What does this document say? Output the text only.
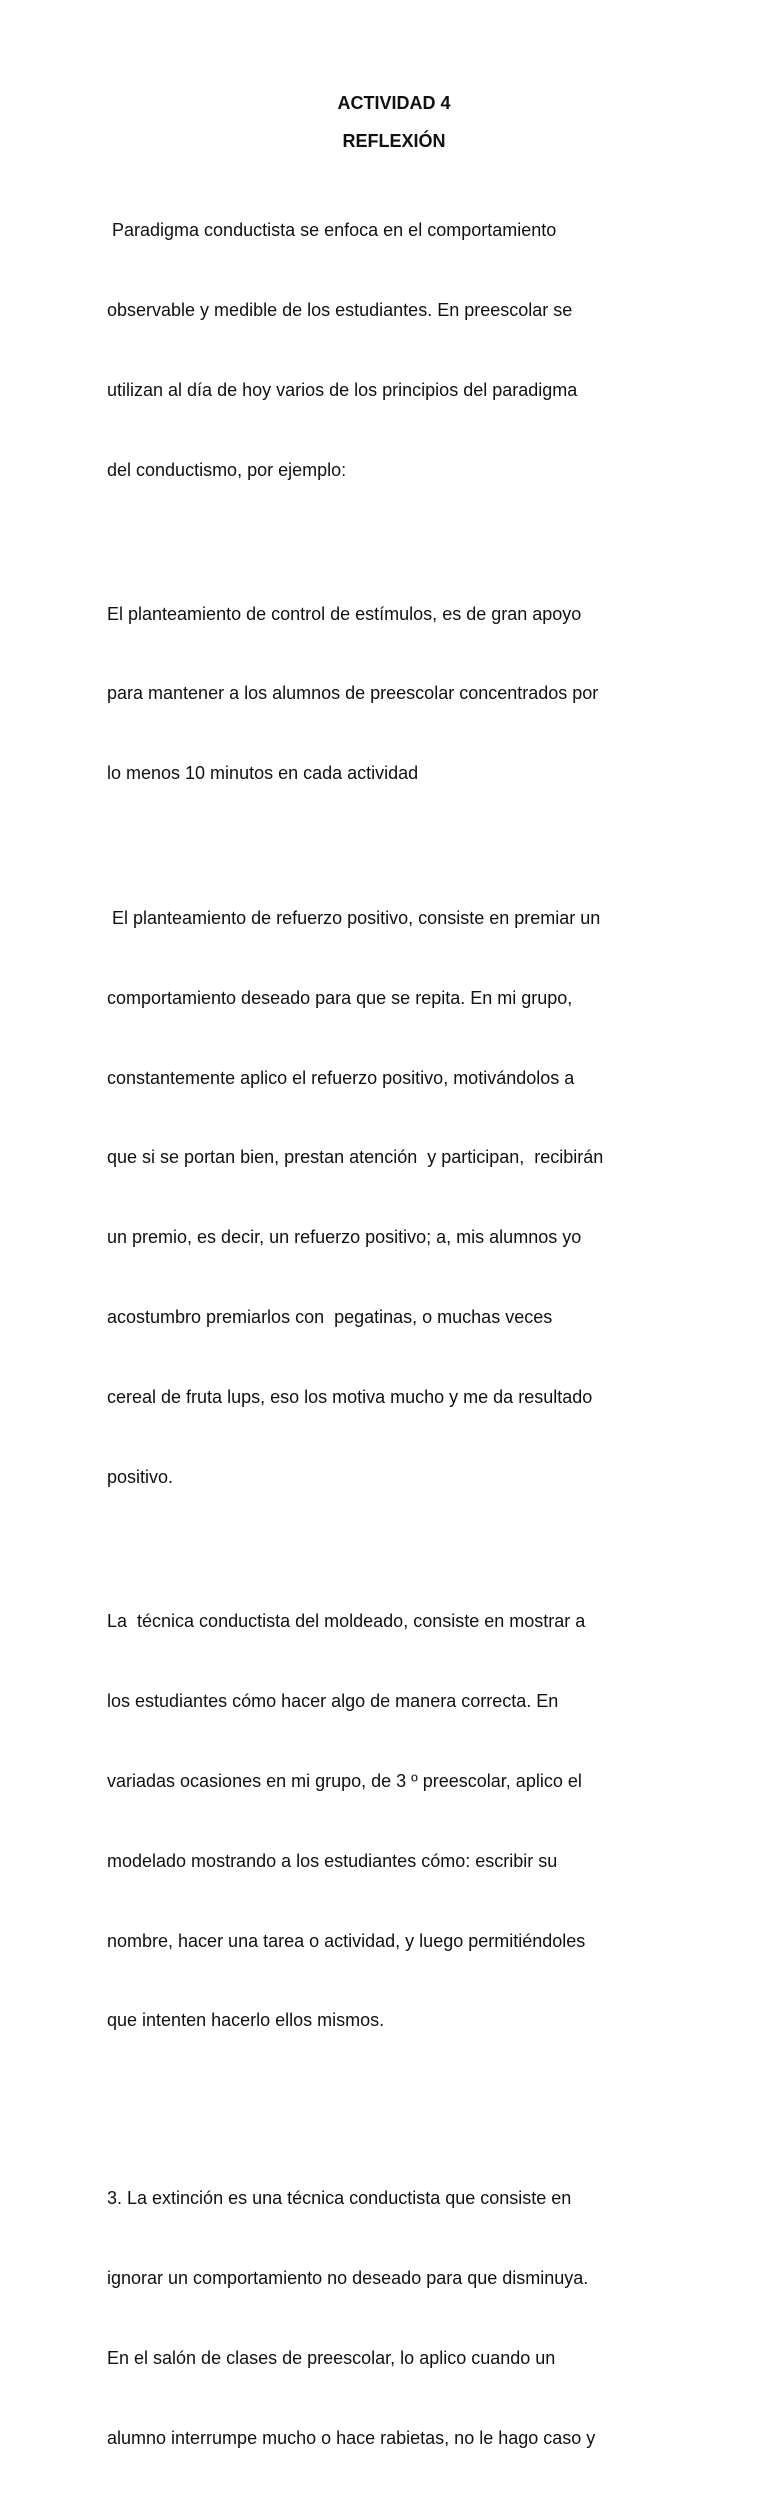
ACTIVIDAD 4
REFLEXIÓN

Paradigma conductista se enfoca en el comportamiento

observable y medible de los estudiantes. En preescolar se

utilizan al día de hoy varios de los principios del paradigma

del conductismo, por ejemplo:

El planteamiento de control de estímulos, es de gran apoyo

para mantener a los alumnos de preescolar concentrados por

lo menos 10 minutos en cada actividad

El planteamiento de refuerzo positivo, consiste en premiar un

comportamiento deseado para que se repita. En mi grupo,

constantemente aplico el refuerzo positivo, motivándolos a

que si se portan bien, prestan atención  y participan,  recibirán

un premio, es decir, un refuerzo positivo; a, mis alumnos yo

acostumbro premiarlos con  pegatinas, o muchas veces

cereal de fruta lups, eso los motiva mucho y me da resultado

positivo.

La  técnica conductista del moldeado, consiste en mostrar a

los estudiantes cómo hacer algo de manera correcta. En

variadas ocasiones en mi grupo, de 3 º preescolar, aplico el

modelado mostrando a los estudiantes cómo: escribir su

nombre, hacer una tarea o actividad, y luego permitiéndoles

que intenten hacerlo ellos mismos.

3. La extinción es una técnica conductista que consiste en

ignorar un comportamiento no deseado para que disminuya.

En el salón de clases de preescolar, lo aplico cuando un

alumno interrumpe mucho o hace rabietas, no le hago caso y
